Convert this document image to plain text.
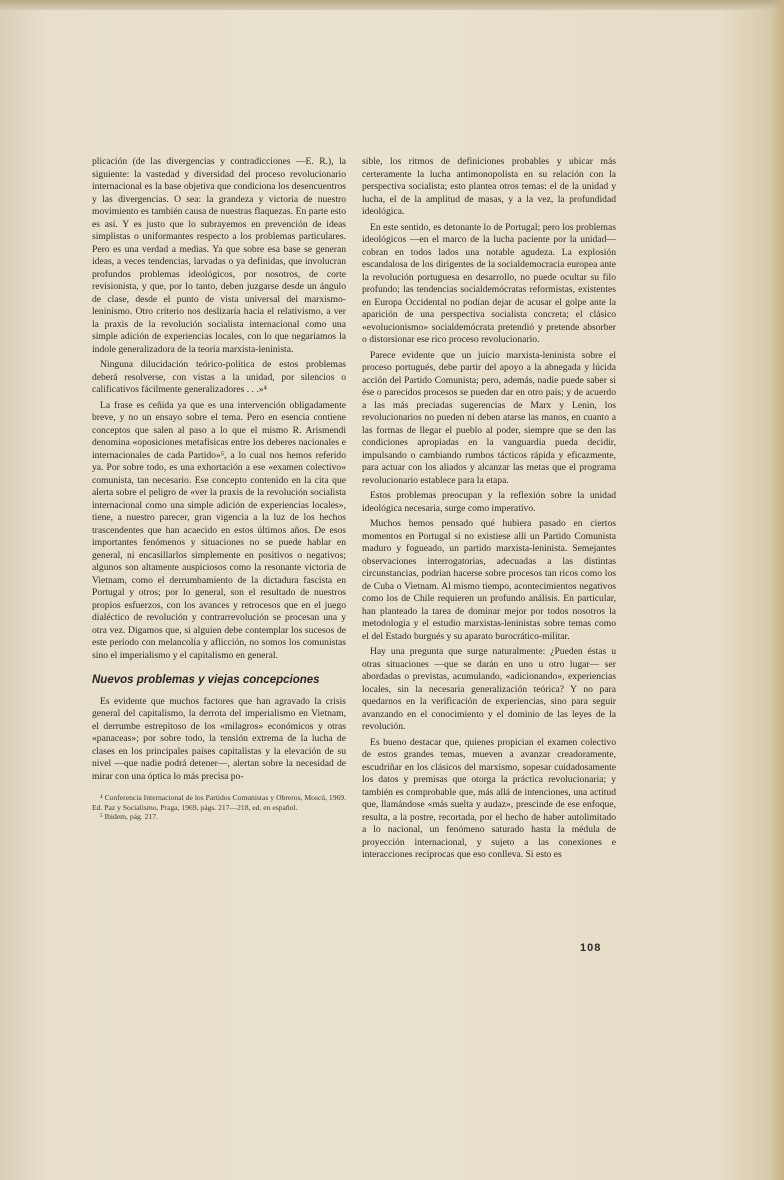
plicación (de las divergencias y contradicciones —E. R.), la siguiente: la vastedad y diversidad del proceso revolucionario internacional es la base objetiva que condiciona los desencuentros y las divergencias. O sea: la grandeza y victoria de nuestro movimiento es también causa de nuestras flaquezas. En parte esto es así. Y es justo que lo subrayemos en prevención de ideas simplistas o uniformantes respecto a los problemas particulares. Pero es una verdad a medias. Ya que sobre esa base se generan ideas, a veces tendencias, larvadas o ya definidas, que involucran profundos problemas ideológicos, por nosotros, de corte revisionista, y que, por lo tanto, deben juzgarse desde un ángulo de clase, desde el punto de vista universal del marxismo-leninismo. Otro criterio nos deslizaría hacia el relativismo, a ver la praxis de la revolución socialista internacional como una simple adición de experiencias locales, con lo que negaríamos la índole generalizadora de la teoría marxista-leninista.

Ninguna dilucidación teórico-política de estos problemas deberá resolverse, con vistas a la unidad, por silencios o calificativos fácilmente generalizadores . . .»⁴

La frase es ceñida ya que es una intervención obligadamente breve, y no un ensayo sobre el tema. Pero en esencia contiene conceptos que salen al paso a lo que el mismo R. Arismendi denomina «oposiciones metafísicas entre los deberes nacionales e internacionales de cada Partido»⁵, a lo cual nos hemos referido ya. Por sobre todo, es una exhortación a ese «examen colectivo» comunista, tan necesario. Ese concepto contenido en la cita que alerta sobre el peligro de «ver la praxis de la revolución socialista internacional como una simple adición de experiencias locales», tiene, a nuestro parecer, gran vigencia a la luz de los hechos trascendentes que han acaecido en estos últimos años. De esos importantes fenómenos y situaciones no se puede hablar en general, ni encasillarlos simplemente en positivos o negativos; algunos son altamente auspiciosos como la resonante victoria de Vietnam, como el derrumbamiento de la dictadura fascista en Portugal y otros; por lo general, son el resultado de nuestros propios esfuerzos, con los avances y retrocesos que en el juego dialéctico de revolución y contrarrevolución se procesan una y otra vez. Digamos que, si alguien debe contemplar los sucesos de este período con melancolía y aflicción, no somos los comunistas sino el imperialismo y el capitalismo en general.

Nuevos problemas y viejas concepciones

Es evidente que muchos factores que han agravado la crisis general del capitalismo, la derrota del imperialismo en Vietnam, el derrumbe estrepitoso de los «milagros» económicos y otras «panaceas»; por sobre todo, la tensión extrema de la lucha de clases en los principales países capitalistas y la elevación de su nivel —que nadie podrá detener—, alertan sobre la necesidad de mirar con una óptica lo más precisa po-

⁴ Conferencia Internacional de los Partidos Comunistas y Obreros, Moscú, 1969. Ed. Paz y Socialismo, Praga, 1969, págs. 217—218, ed. en español.
⁵ Ibidem, pág. 217.

sible, los ritmos de definiciones probables y ubicar más certeramente la lucha antimonopolista en su relación con la perspectiva socialista; esto plantea otros temas: el de la unidad y lucha, el de la amplitud de masas, y a la vez, la profundidad ideológica.

En este sentido, es detonante lo de Portugal; pero los problemas ideológicos —en el marco de la lucha paciente por la unidad— cobran en todos lados una notable agudeza. La explosión escandalosa de los dirigentes de la socialdemocracia europea ante la revolución portuguesa en desarrollo, no puede ocultar su filo profundo; las tendencias socialdemócratas reformistas, existentes en Europa Occidental no podían dejar de acusar el golpe ante la aparición de una perspectiva socialista concreta; el clásico «evolucionismo» socialdemócrata pretendió y pretende absorber o distorsionar ese rico proceso revolucionario.

Parece evidente que un juicio marxista-leninista sobre el proceso portugués, debe partir del apoyo a la abnegada y lúcida acción del Partido Comunista; pero, además, nadie puede saber si ése o parecidos procesos se pueden dar en otro país; y de acuerdo a las más preciadas sugerencias de Marx y Lenin, los revolucionarios no pueden ni deben atarse las manos, en cuanto a las formas de llegar el pueblo al poder, siempre que se den las condiciones apropiadas en la vanguardia pueda decidir, impulsando o cambiando rumbos tácticos rápida y eficazmente, para actuar con los aliados y alcanzar las metas que el programa revolucionario establece para la etapa.

Estos problemas preocupan y la reflexión sobre la unidad ideológica necesaria, surge como imperativo.

Muchos hemos pensado qué hubiera pasado en ciertos momentos en Portugal si no existiese allí un Partido Comunista maduro y fogueado, un partido marxista-leninista. Semejantes observaciones interrogatorias, adecuadas a las distintas circunstancias, podrían hacerse sobre procesos tan ricos como los de Cuba o Vietnam. Al mismo tiempo, acontecimientos negativos como los de Chile requieren un profundo análisis. En particular, han planteado la tarea de dominar mejor por todos nosotros la metodología y el estudio marxistas-leninistas sobre temas como el del Estado burgués y su aparato burocrático-militar.

Hay una pregunta que surge naturalmente: ¿Pueden éstas u otras situaciones —que se darán en uno u otro lugar— ser abordadas o previstas, acumulando, «adicionando», experiencias locales, sin la necesaria generalización teórica? Y no para quedarnos en la verificación de experiencias, sino para seguir avanzando en el conocimiento y el dominio de las leyes de la revolución.

Es bueno destacar que, quienes propician el examen colectivo de estos grandes temas, mueven a avanzar creadoramente, escudriñar en los clásicos del marxismo, sopesar cuidadosamente los datos y premisas que otorga la práctica revolucionaria; y también es comprobable que, más allá de intenciones, una actitud que, llamándose «más suelta y audaz», prescinde de ese enfoque, resulta, a la postre, recortada, por el hecho de haber autolimitado a lo nacional, un fenómeno saturado hasta la médula de proyección internacional, y sujeto a las conexiones e interacciones recíprocas que eso conlleva. Si esto es

108
